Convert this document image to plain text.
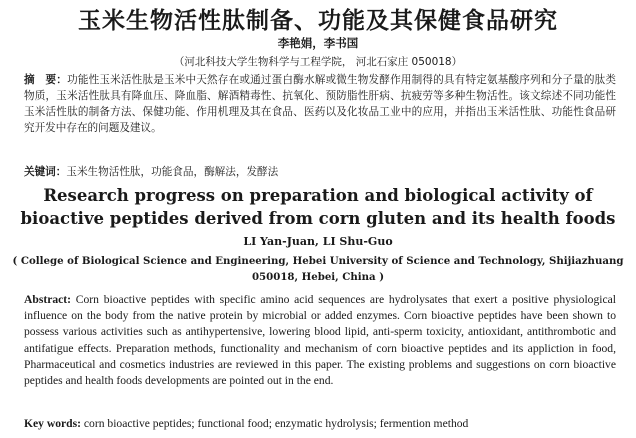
玉米生物活性肽制备、功能及其保健食品研究
李艳娟，李书国
（河北科技大学生物科学与工程学院， 河北石家庄 050018）
摘　要：功能性玉米活性肽是玉米中天然存在或通过蛋白酶水解或微生物发酵作用制得的具有特定氨基酸序列和分子量的肽类物质，玉米活性肽具有降血压、降血脂、解酒精毒性、抗氧化、预防脂性肝病、抗疲劳等多种生物活性。该文综述不同功能性玉米活性肽的制备方法、保健功能、作用机理及其在食品、医药以及化妆品工业中的应用，并指出玉米活性肽、功能性食品研究开发中存在的问题及建议。
关键词：玉米生物活性肽，功能食品，酶解法，发酵法
Research progress on preparation and biological activity of bioactive peptides derived from corn gluten and its health foods
LI Yan-Juan, LI Shu-Guo
( College of Biological Science and Engineering, Hebei University of Science and Technology, Shijiazhuang 050018, Hebei, China )
Abstract: Corn bioactive peptides with specific amino acid sequences are hydrolysates that exert a positive physiological influence on the body from the native protein by microbial or added enzymes. Corn bioactive peptides have been shown to possess various activities such as antihypertensive, lowering blood lipid, anti-sperm toxicity, antioxidant, antithrombotic and antifatigue effects. Preparation methods, functionality and mechanism of corn bioactive peptides and its appliction in food, Pharmaceutical and cosmetics industries are reviewed in this paper. The existing problems and suggestions on corn bioactive peptides and health foods developments are pointed out in the end.
Key words: corn bioactive peptides; functional food; enzymatic hydrolysis; fermention method
